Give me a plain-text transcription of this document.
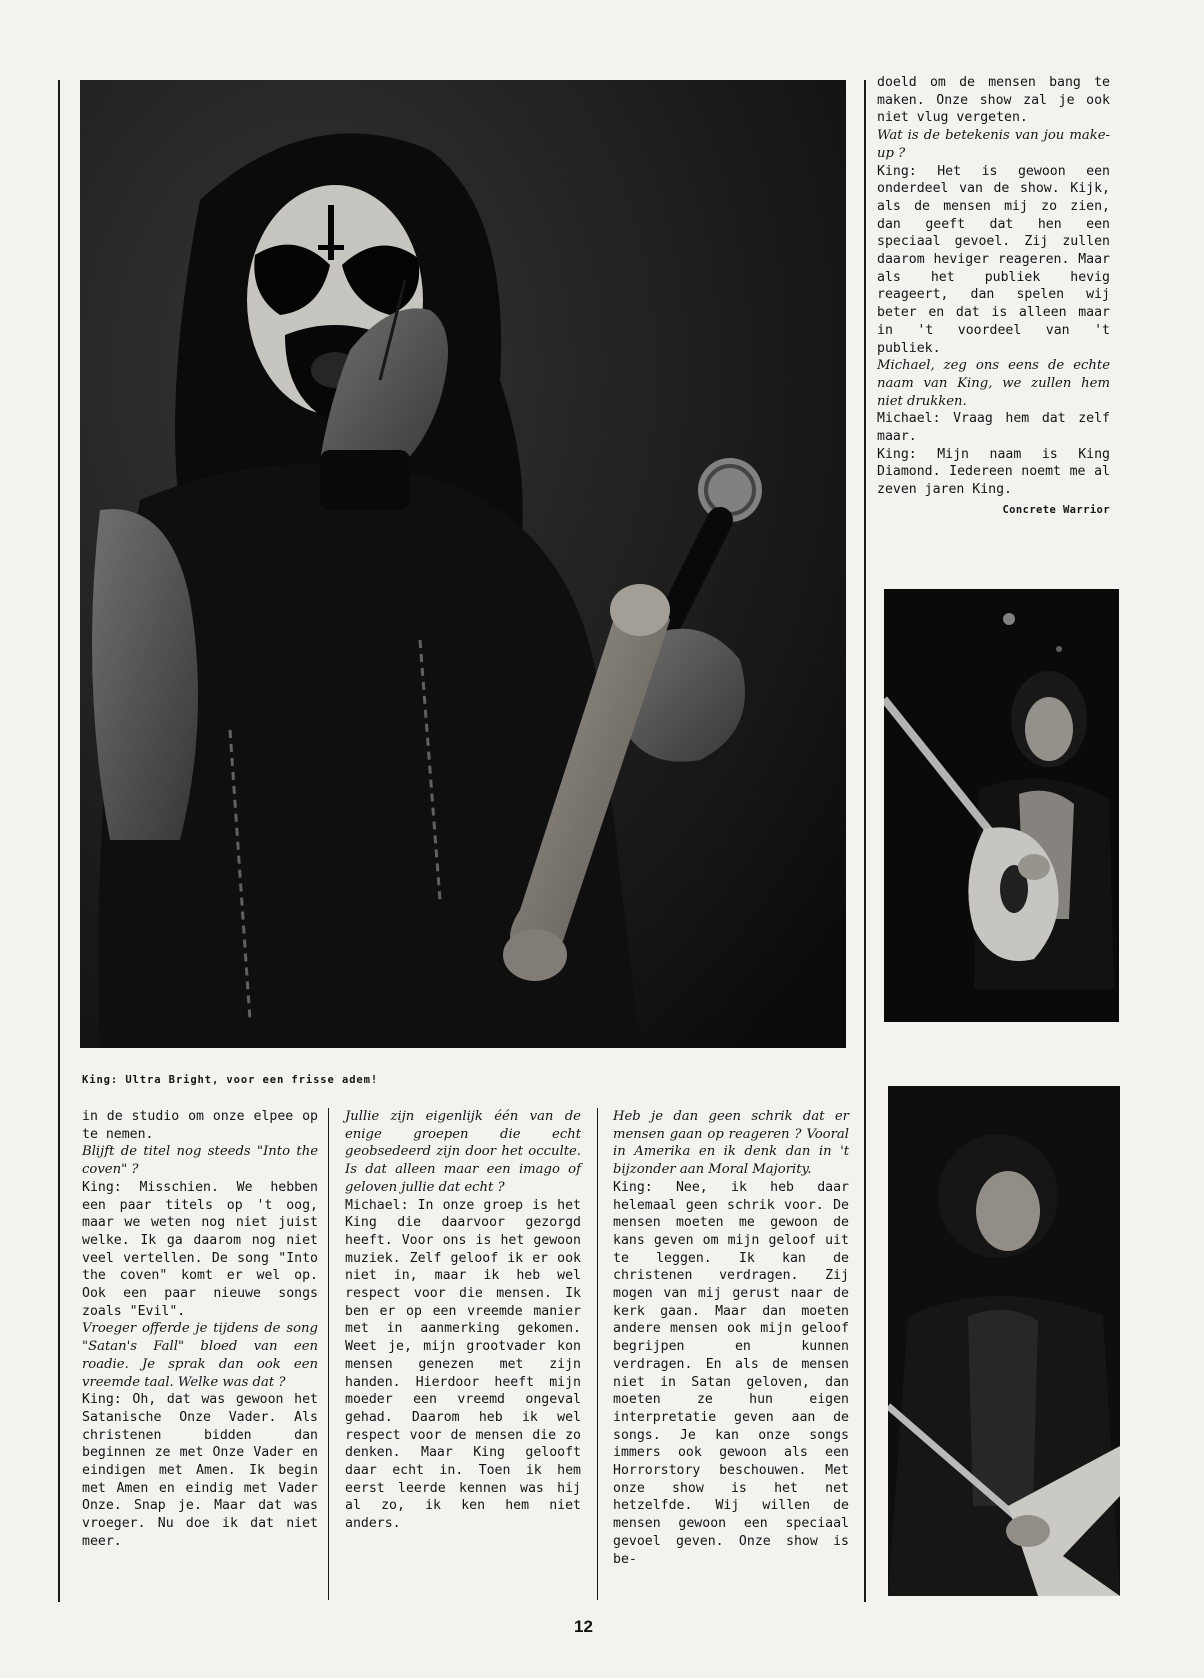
King: Ultra Bright, voor een frisse adem!

doeld om de mensen bang te maken. Onze show zal je ook niet vlug vergeten.

Wat is de betekenis van jou make-up ?

King: Het is gewoon een onderdeel van de show. Kijk, als de mensen mij zo zien, dan geeft dat hen een speciaal gevoel. Zij zullen daarom heviger reageren. Maar als het publiek hevig reageert, dan spelen wij beter en dat is alleen maar in 't voordeel van 't publiek.

Michael, zeg ons eens de echte naam van King, we zullen hem niet drukken.

Michael: Vraag hem dat zelf maar.

King: Mijn naam is King Diamond. Iedereen noemt me al zeven jaren King.

Concrete Warrior

in de studio om onze elpee op te nemen.

Blijft de titel nog steeds "Into the coven" ?

King: Misschien. We hebben een paar titels op 't oog, maar we weten nog niet juist welke. Ik ga daarom nog niet veel vertellen. De song "Into the coven" komt er wel op. Ook een paar nieuwe songs zoals "Evil".

Vroeger offerde je tijdens de song "Satan's Fall" bloed van een roadie. Je sprak dan ook een vreemde taal. Welke was dat ?

King: Oh, dat was gewoon het Satanische Onze Vader. Als christenen bidden dan beginnen ze met Onze Vader en eindigen met Amen. Ik begin met Amen en eindig met Vader Onze. Snap je. Maar dat was vroeger. Nu doe ik dat niet meer.

Jullie zijn eigenlijk één van de enige groepen die echt geobsedeerd zijn door het occulte. Is dat alleen maar een imago of geloven jullie dat echt ?

Michael: In onze groep is het King die daarvoor gezorgd heeft. Voor ons is het gewoon muziek. Zelf geloof ik er ook niet in, maar ik heb wel respect voor die mensen. Ik ben er op een vreemde manier met in aanmerking gekomen. Weet je, mijn grootvader kon mensen genezen met zijn handen. Hierdoor heeft mijn moeder een vreemd ongeval gehad. Daarom heb ik wel respect voor de mensen die zo denken. Maar King gelooft daar echt in. Toen ik hem eerst leerde kennen was hij al zo, ik ken hem niet anders.

Heb je dan geen schrik dat er mensen gaan op reageren ? Vooral in Amerika en ik denk dan in 't bijzonder aan Moral Majority.

King: Nee, ik heb daar helemaal geen schrik voor. De mensen moeten me gewoon de kans geven om mijn geloof uit te leggen. Ik kan de christenen verdragen. Zij mogen van mij gerust naar de kerk gaan. Maar dan moeten andere mensen ook mijn geloof begrijpen en kunnen verdragen. En als de mensen niet in Satan geloven, dan moeten ze hun eigen interpretatie geven aan de songs. Je kan onze songs immers ook gewoon als een Horrorstory beschouwen. Met onze show is het net hetzelfde. Wij willen de mensen gewoon een speciaal gevoel geven. Onze show is be-

12
